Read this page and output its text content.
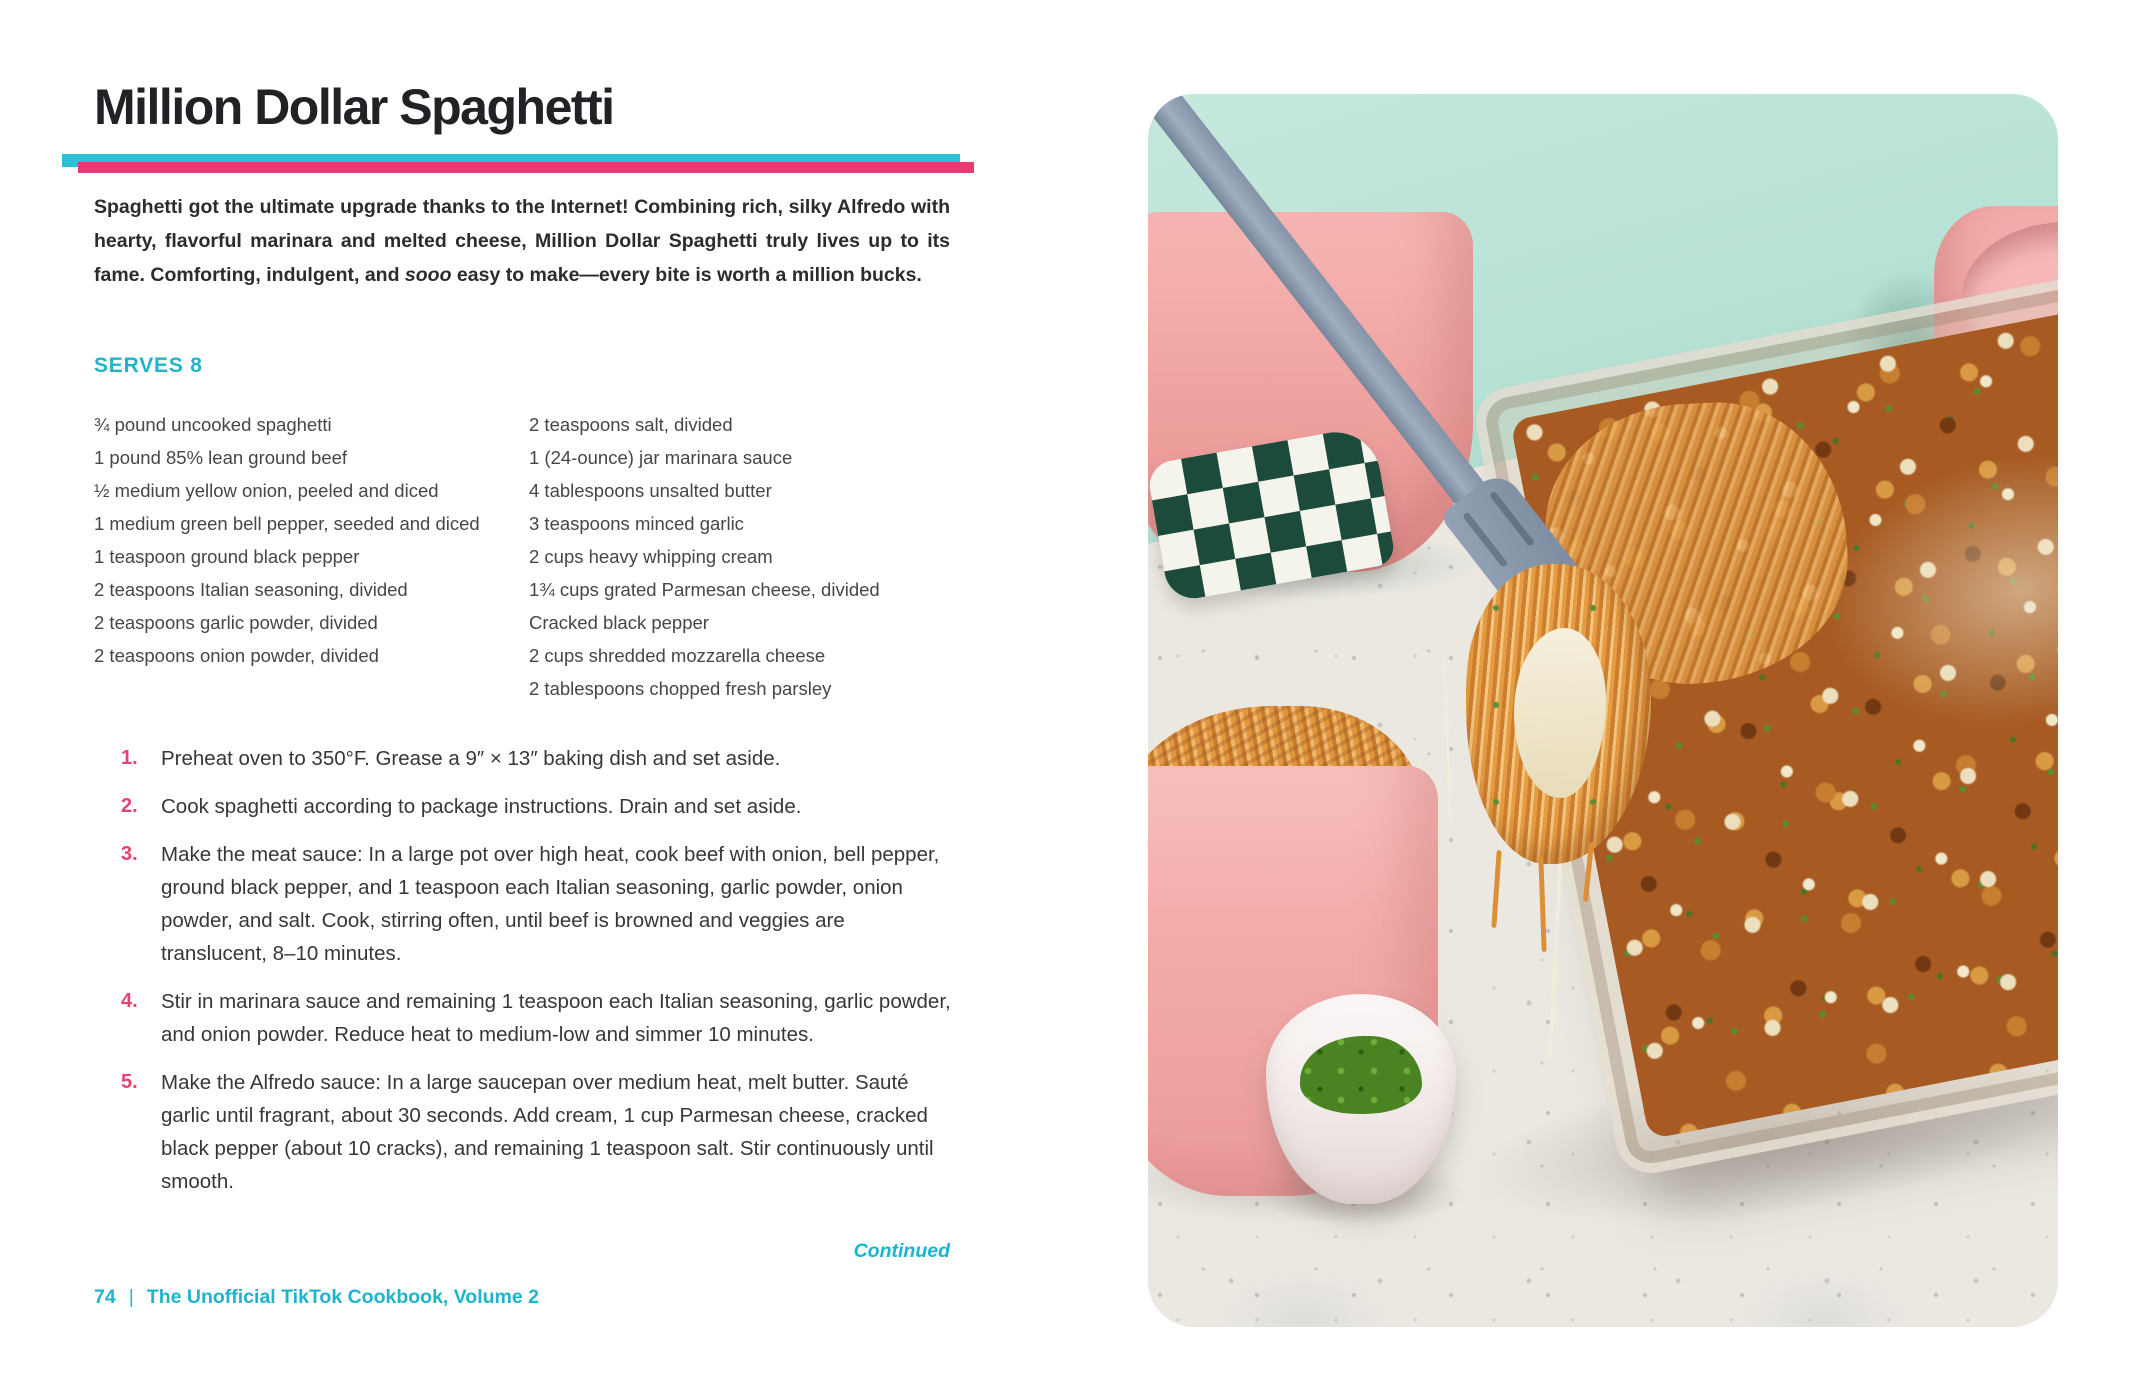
Million Dollar Spaghetti

Spaghetti got the ultimate upgrade thanks to the Internet! Combining rich, silky Alfredo with hearty, flavorful marinara and melted cheese, Million Dollar Spaghetti truly lives up to its fame. Comforting, indulgent, and sooo easy to make—every bite is worth a million bucks.

SERVES 8
¾ pound uncooked spaghetti
1 pound 85% lean ground beef
½ medium yellow onion, peeled and diced
1 medium green bell pepper, seeded and diced
1 teaspoon ground black pepper
2 teaspoons Italian seasoning, divided
2 teaspoons garlic powder, divided
2 teaspoons onion powder, divided
2 teaspoons salt, divided
1 (24-ounce) jar marinara sauce
4 tablespoons unsalted butter
3 teaspoons minced garlic
2 cups heavy whipping cream
1¾ cups grated Parmesan cheese, divided
Cracked black pepper
2 cups shredded mozzarella cheese
2 tablespoons chopped fresh parsley
1.	Preheat oven to 350°F. Grease a 9″ × 13″ baking dish and set aside.
2.	Cook spaghetti according to package instructions. Drain and set aside.
3.	Make the meat sauce: In a large pot over high heat, cook beef with onion, bell pepper, ground black pepper, and 1 teaspoon each Italian seasoning, garlic powder, onion powder, and salt. Cook, stirring often, until beef is browned and veggies are translucent, 8–10 minutes.
4.	Stir in marinara sauce and remaining 1 teaspoon each Italian seasoning, garlic powder, and onion powder. Reduce heat to medium-low and simmer 10 minutes.
5.	Make the Alfredo sauce: In a large saucepan over medium heat, melt butter. Sauté garlic until fragrant, about 30 seconds. Add cream, 1 cup Parmesan cheese, cracked black pepper (about 10 cracks), and remaining 1 teaspoon salt. Stir continuously until smooth.

Continued

74 | The Unofficial TikTok Cookbook, Volume 2
